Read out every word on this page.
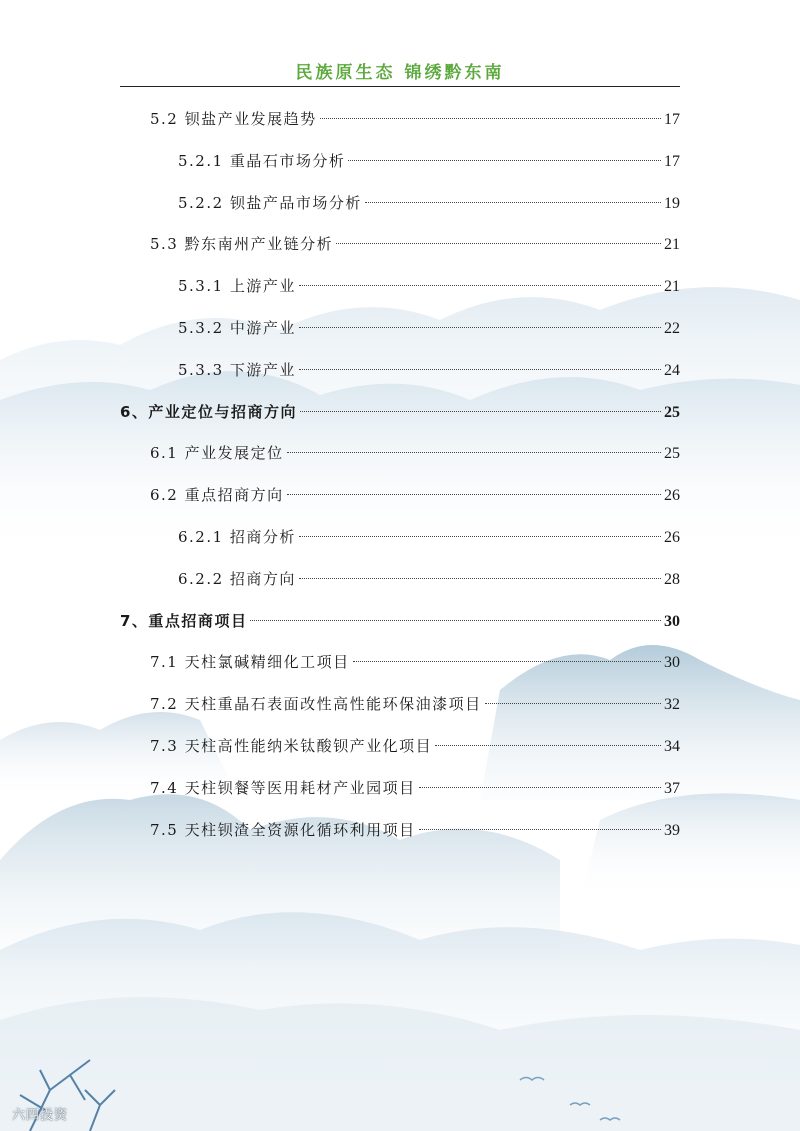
民族原生态 锦绣黔东南
5.2 钡盐产业发展趋势	17
5.2.1 重晶石市场分析	17
5.2.2 钡盐产品市场分析	19
5.3 黔东南州产业链分析	21
5.3.1 上游产业	21
5.3.2 中游产业	22
5.3.3 下游产业	24
6、产业定位与招商方向	25
6.1 产业发展定位	25
6.2 重点招商方向	26
6.2.1 招商分析	26
6.2.2 招商方向	28
7、重点招商项目	30
7.1 天柱氯碱精细化工项目	30
7.2 天柱重晶石表面改性高性能环保油漆项目	32
7.3 天柱高性能纳米钛酸钡产业化项目	34
7.4 天柱钡餐等医用耗材产业园项目	37
7.5 天柱钡渣全资源化循环利用项目	39
六四投资
